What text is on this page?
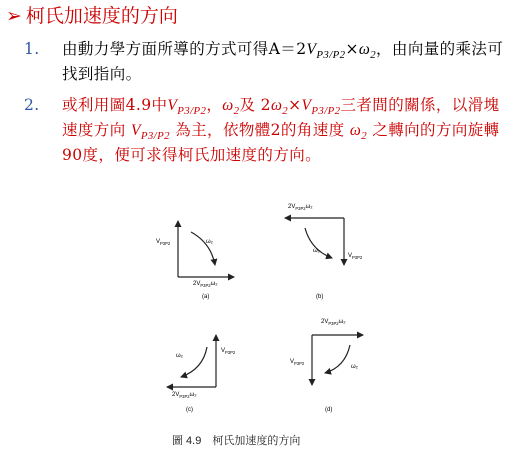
➢ 柯氏加速度的方向
1. 由動力學方面所導的方式可得$A=2V_{P3/P2}\times\omega_2$，由向量的乘法可找到指向。
2. 或利用圖4.9中$V_{P3/P2}$，$\omega_2$及 $2\omega_2\times V_{P3/P2}$三者間的關係，以滑塊速度方向 $V_{P3/P2}$ 為主，依物體2的角速度 $\omega_2$ 之轉向的方向旋轉90度，便可求得柯氏加速度的方向。
$V_{P3P2}$	ω₂
$2V_{P3P2}\omega_2$
(a)
$2V_{P3P2}\omega_2$
ω₂
$V_{P3P2}$
(b)
ω₂
$V_{P3P2}$
$2V_{P3P2}\omega_2$
(c)
$2V_{P3P2}\omega_2$
ω₂
$V_{P3P2}$
(d)
圖 4.9　柯氏加速度的方向
